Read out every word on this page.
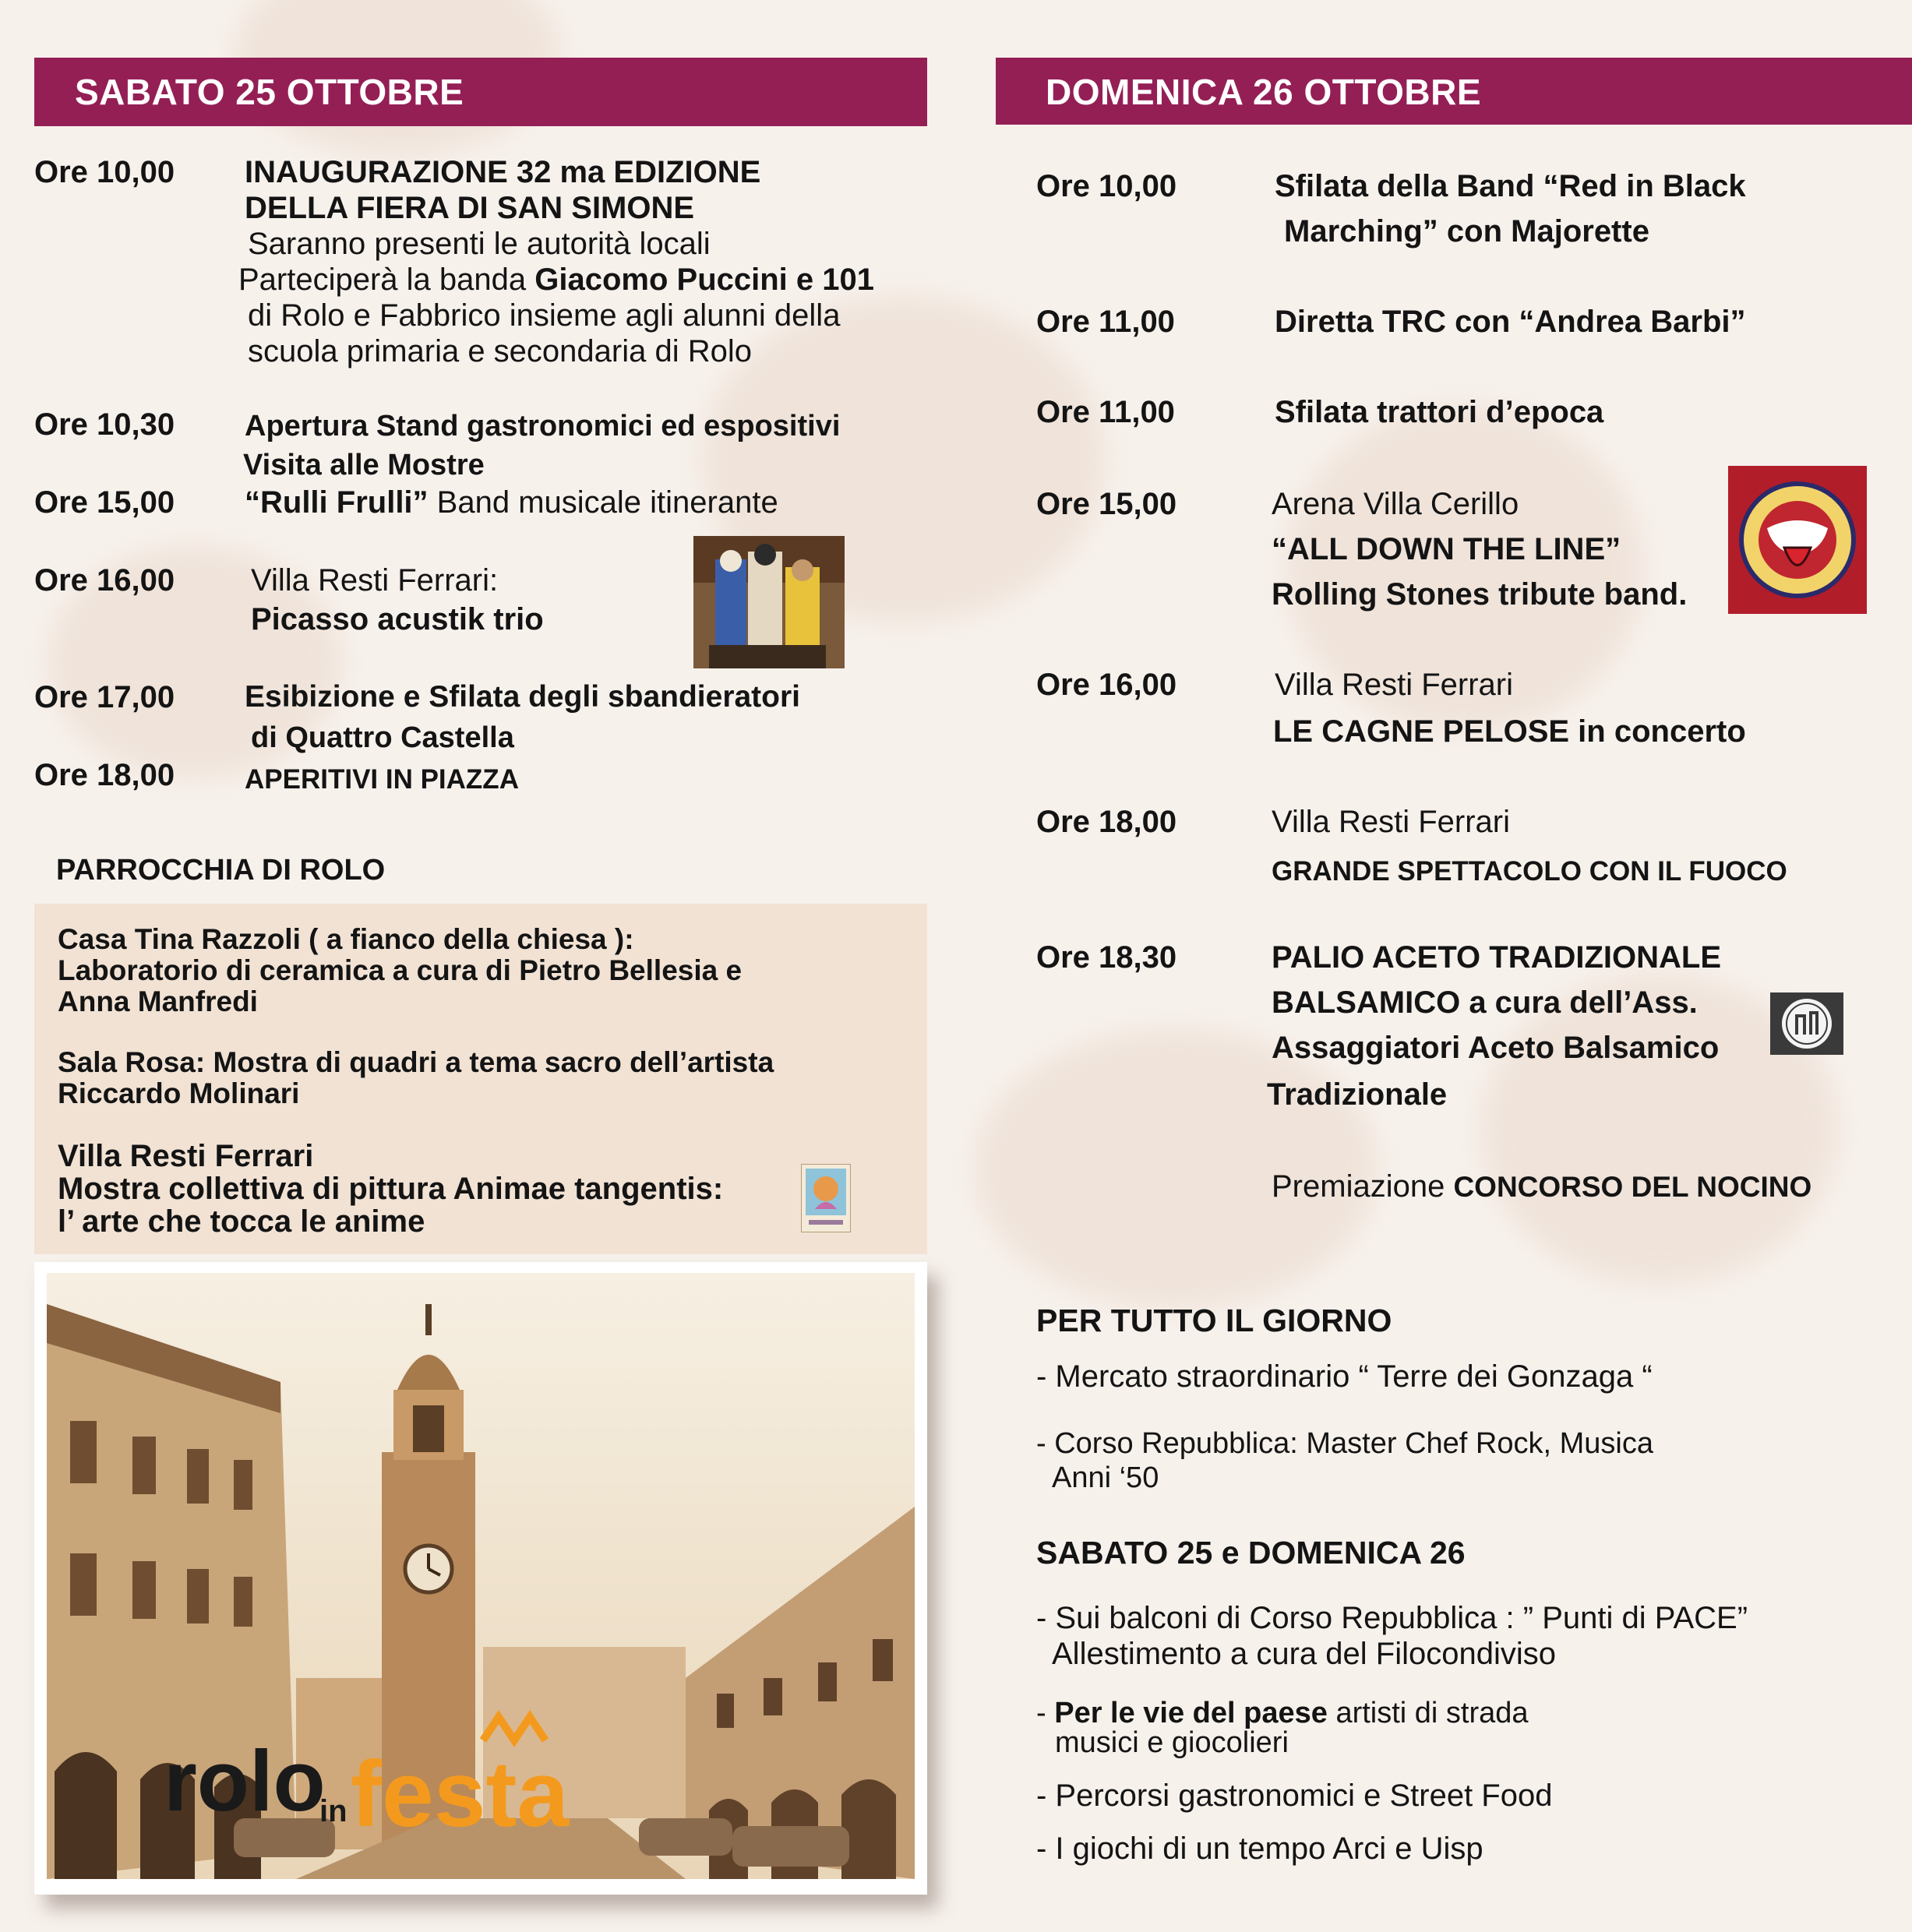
SABATO 25 OTTOBRE
Ore 10,00 INAUGURAZIONE 32 ma EDIZIONE
DELLA FIERA DI SAN SIMONE
Saranno presenti le autorità locali
Parteciperà la banda Giacomo Puccini e 101
di Rolo e Fabbrico insieme agli alunni della
scuola primaria e secondaria di Rolo
Ore 10,30 Apertura Stand gastronomici ed espositivi
Visita alle Mostre
Ore 15,00 “Rulli Frulli” Band musicale itinerante
Ore 16,00 Villa Resti Ferrari:
Picasso acustik trio
Ore 17,00 Esibizione e Sfilata degli sbandieratori
di Quattro Castella
Ore 18,00	APERITIVI IN PIAZZA
PARROCCHIA DI ROLO
Casa Tina Razzoli ( a fianco della chiesa ):
Laboratorio di ceramica a cura di Pietro Bellesia e
Anna Manfredi
Sala Rosa: Mostra di quadri a tema sacro dell’artista
Riccardo Molinari
Villa Resti Ferrari
Mostra collettiva di pittura Animae tangentis:
l’ arte che tocca le anime
rolo
in festa
DOMENICA 26 OTTOBRE
Ore 10,00	Sfilata della Band “Red in Black
Marching” con Majorette
Ore 11,00	Diretta TRC con “Andrea Barbi”
Ore 11,00	Sfilata trattori d’epoca
Ore 15,00	Arena Villa Cerillo
“ALL DOWN THE LINE”
Rolling Stones tribute band.
Ore 16,00	Villa Resti Ferrari
LE CAGNE PELOSE in concerto
Ore 18,00	Villa Resti Ferrari
GRANDE SPETTACOLO CON IL FUOCO
Ore 18,30	PALIO ACETO TRADIZIONALE
BALSAMICO a cura dell’Ass.
Assaggiatori Aceto Balsamico
Tradizionale
Premiazione CONCORSO DEL NOCINO
PER TUTTO IL GIORNO
- Mercato straordinario “ Terre dei Gonzaga “
- Corso Repubblica: Master Chef Rock, Musica
Anni ‘50
SABATO 25 e DOMENICA 26
- Sui balconi di Corso Repubblica : ” Punti di PACE”
Allestimento a cura del Filocondiviso
- Per le vie del paese artisti di strada
musici e giocolieri
- Percorsi gastronomici e Street Food
- I giochi di un tempo Arci e Uisp
